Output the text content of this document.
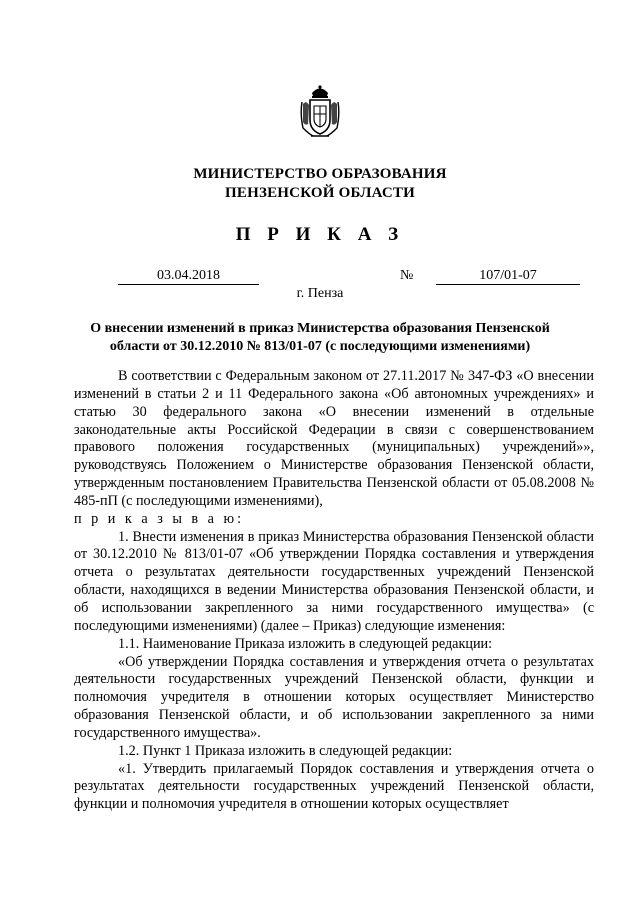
МИНИСТЕРСТВО ОБРАЗОВАНИЯ
ПЕНЗЕНСКОЙ ОБЛАСТИ
П Р И К А З
03.04.2018	№	107/01-07
г. Пенза
О внесении изменений в приказ Министерства образования Пензенской
области от 30.12.2010 № 813/01-07 (с последующими изменениями)

В соответствии с Федеральным законом от 27.11.2017 № 347-ФЗ «О внесении изменений в статьи 2 и 11 Федерального закона «Об автономных учреждениях» и статью 30 федерального закона «О внесении изменений в отдельные законодательные акты Российской Федерации в связи с совершенствованием правового положения государственных (муниципальных) учреждений»», руководствуясь Положением о Министерстве образования Пензенской области, утвержденным постановлением Правительства Пензенской области от 05.08.2008 № 485-пП (с последующими изменениями),

п р и к а з ы в а ю:

1. Внести изменения в приказ Министерства образования Пензенской области от 30.12.2010 № 813/01-07 «Об утверждении Порядка составления и утверждения отчета о результатах деятельности государственных учреждений Пензенской области, находящихся в ведении Министерства образования Пензенской области, и об использовании закрепленного за ними государственного имущества» (с последующими изменениями) (далее – Приказ) следующие изменения:

1.1. Наименование Приказа изложить в следующей редакции:

«Об утверждении Порядка составления и утверждения отчета о результатах деятельности государственных учреждений Пензенской области, функции и полномочия учредителя в отношении которых осуществляет Министерство образования Пензенской области, и об использовании закрепленного за ними государственного имущества».

1.2. Пункт 1 Приказа изложить в следующей редакции:

«1. Утвердить прилагаемый Порядок составления и утверждения отчета о результатах деятельности государственных учреждений Пензенской области, функции и полномочия учредителя в отношении которых осуществляет
